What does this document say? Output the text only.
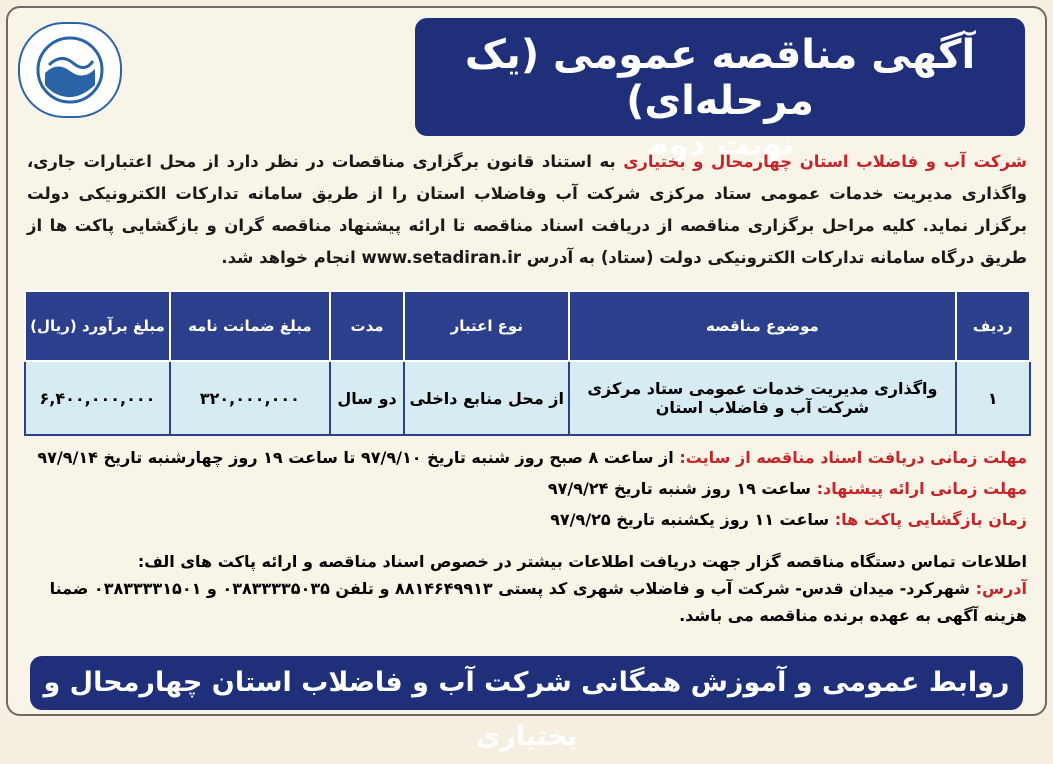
آگهی مناقصه عمومی (یک مرحله‌ای)
نوبت دوم
شرکت آب و فاضلاب استان چهارمحال و بختیاری به استناد قانون برگزاری مناقصات در نظر دارد از محل اعتبارات جاری، واگذاری مدیریت خدمات عمومی ستاد مرکزی شرکت آب وفاضلاب استان را از طریق سامانه تدارکات الکترونیکی دولت برگزار نماید. کلیه مراحل برگزاری مناقصه از دریافت اسناد مناقصه تا ارائه پیشنهاد مناقصه گران و بازگشایی پاکت ها از طریق درگاه سامانه تدارکات الکترونیکی دولت (ستاد) به آدرس www.setadiran.ir انجام خواهد شد.
ردیف	موضوع مناقصه	نوع اعتبار	مدت	مبلغ ضمانت نامه	مبلغ برآورد (ریال)
۱	واگذاری مدیریت خدمات عمومی ستاد مرکزی شرکت آب و فاضلاب استان	از محل منابع داخلی	دو سال	۳۲۰,۰۰۰,۰۰۰	۶,۴۰۰,۰۰۰,۰۰۰
مهلت زمانی دریافت اسناد مناقصه از سایت: از ساعت ۸ صبح روز شنبه تاریخ ۹۷/۹/۱۰ تا ساعت ۱۹ روز چهارشنبه تاریخ ۹۷/۹/۱۴
مهلت زمانی ارائه پیشنهاد: ساعت ۱۹ روز شنبه تاریخ ۹۷/۹/۲۴
زمان بازگشایی پاکت ها: ساعت ۱۱ روز یکشنبه تاریخ ۹۷/۹/۲۵
اطلاعات تماس دستگاه مناقصه گزار جهت دریافت اطلاعات بیشتر در خصوص اسناد مناقصه و ارائه پاکت های الف:
آدرس: شهرکرد- میدان قدس- شرکت آب و فاضلاب شهری کد پستی ۸۸۱۴۶۴۹۹۱۳ و تلفن ۰۳۸۳۳۳۳۵۰۳۵ و ۰۳۸۳۳۳۳۱۵۰۱ ضمنا هزینه آگهی به عهده برنده مناقصه می باشد.
روابط عمومی و آموزش همگانی شرکت آب و فاضلاب استان چهارمحال و بختیاری
